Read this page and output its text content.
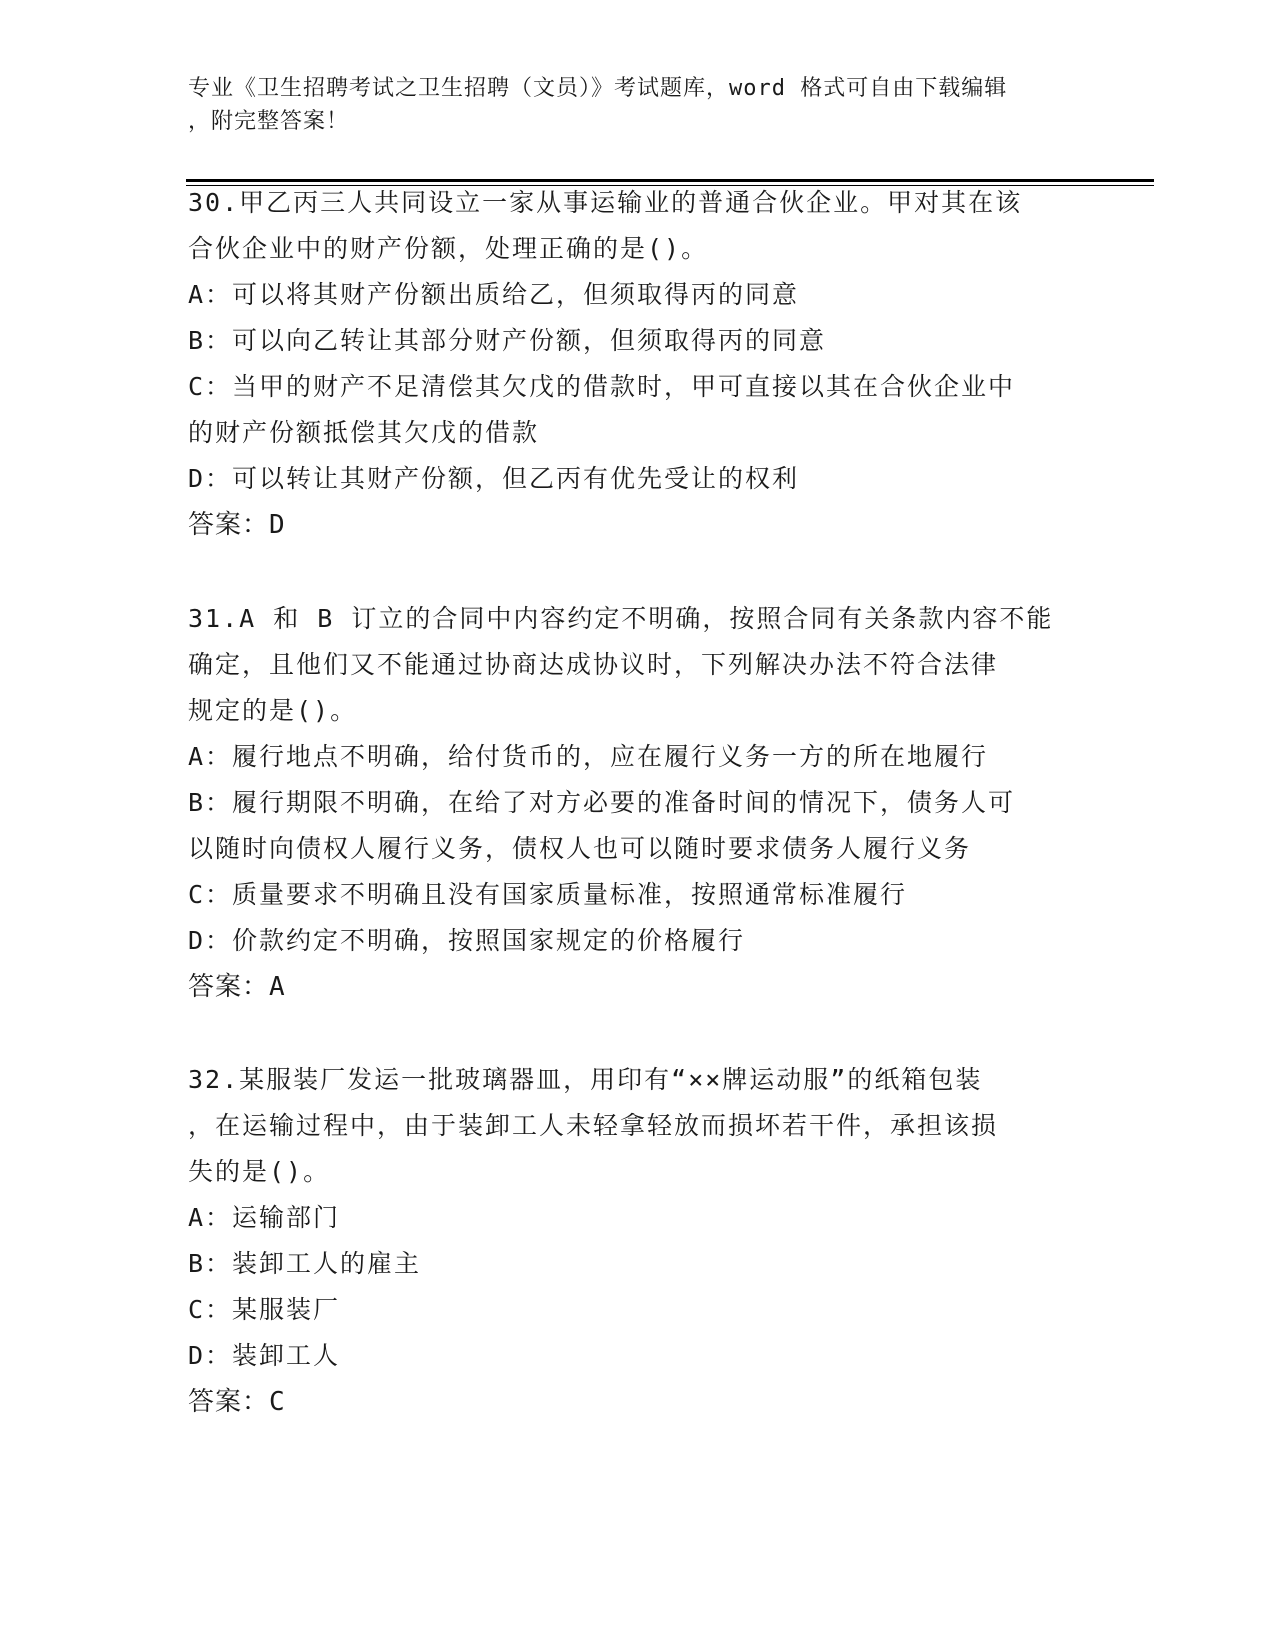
专业《卫生招聘考试之卫生招聘（文员）》考试题库，word 格式可自由下载编辑
，附完整答案！
30.甲乙丙三人共同设立一家从事运输业的普通合伙企业。甲对其在该
合伙企业中的财产份额，处理正确的是()。
A：可以将其财产份额出质给乙，但须取得丙的同意
B：可以向乙转让其部分财产份额，但须取得丙的同意
C：当甲的财产不足清偿其欠戊的借款时，甲可直接以其在合伙企业中
的财产份额抵偿其欠戊的借款
D：可以转让其财产份额，但乙丙有优先受让的权利
答案：D
31.A 和 B 订立的合同中内容约定不明确，按照合同有关条款内容不能
确定，且他们又不能通过协商达成协议时，下列解决办法不符合法律
规定的是()。
A：履行地点不明确，给付货币的，应在履行义务一方的所在地履行
B：履行期限不明确，在给了对方必要的准备时间的情况下，债务人可
以随时向债权人履行义务，债权人也可以随时要求债务人履行义务
C：质量要求不明确且没有国家质量标准，按照通常标准履行
D：价款约定不明确，按照国家规定的价格履行
答案：A
32.某服装厂发运一批玻璃器皿，用印有“××牌运动服”的纸箱包装
，在运输过程中，由于装卸工人未轻拿轻放而损坏若干件，承担该损
失的是()。
A：运输部门
B：装卸工人的雇主
C：某服装厂
D：装卸工人
答案：C
